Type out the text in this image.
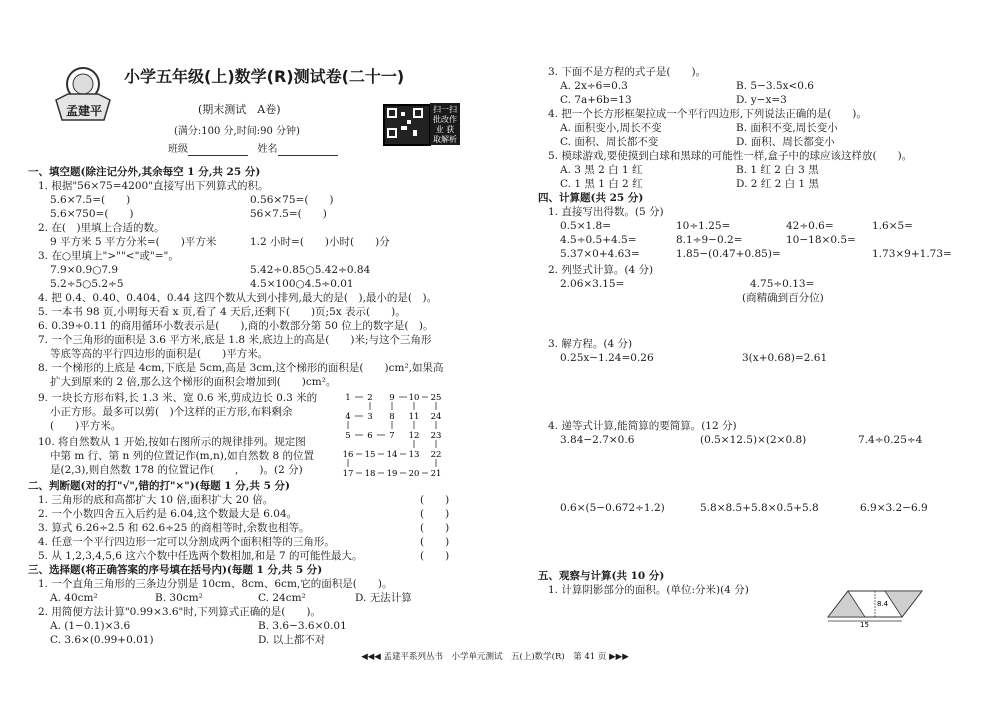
孟建平
小学五年级(上)数学(R)测试卷(二十一)
(期末测试　A卷)
(满分:100 分,时间:90 分钟)
班级	姓名
扫一扫 批改作业 获取解析
一、填空题(除注记分外,其余每空 1 分,共 25 分)
1. 根据"56×75=4200"直接写出下列算式的积。
5.6×7.5=(　　)	0.56×75=(　　)
5.6×750=(　　)	56×7.5=(　　)
2. 在(　)里填上合适的数。
9 平方米 5 平方分米=(　　)平方米	1.2 小时=(　　)小时(　　)分
3. 在○里填上">""<"或"="。
7.9×0.9○7.9	5.42÷0.85○5.42÷0.84
5.2÷5○5.2÷5	4.5×100○4.5÷0.01
4. 把 0.4、0.40、0.404、0.44 这四个数从大到小排列,最大的是(　),最小的是(　)。
5. 一本书 98 页,小明每天看 x 页,看了 4 天后,还剩下(　　)页;5x 表示(　　)。
6. 0.39÷0.11 的商用循环小数表示是(　　),商的小数部分第 50 位上的数字是(　)。
7. 一个三角形的面积是 3.6 平方米,底是 1.8 米,底边上的高是(　　)米;与这个三角形
等底等高的平行四边形的面积是(　　)平方米。
8. 一个梯形的上底是 4cm,下底是 5cm,高是 3cm,这个梯形的面积是(　　)cm²,如果高
扩大到原来的 2 倍,那么这个梯形的面积会增加到(　　)cm²。
9. 一块长方形布料,长 1.3 米、宽 0.6 米,剪成边长 0.3 米的
小正方形。最多可以剪(　)个这样的正方形,布料剩余
(　　)平方米。
10. 将自然数从 1 开始,按如右图所示的规律排列。规定图
中第 m 行、第 n 列的位置记作(m,n),如自然数 8 的位置
是(2,3),则自然数 178 的位置记作(　　,　　)。(2 分)
二、判断题(对的打"√",错的打"×")(每题 1 分,共 5 分)
1. 三角形的底和高都扩大 10 倍,面积扩大 20 倍。
2. 一个小数四舍五入后约是 6.04,这个数最大是 6.04。
3. 算式 6.26÷2.5 和 62.6÷25 的商相等时,余数也相等。
4. 任意一个平行四边形一定可以分割成两个面积相等的三角形。
5. 从 1,2,3,4,5,6 这六个数中任选两个数相加,和是 7 的可能性最大。
(　　)
(　　)
(　　)
(　　)
(　　)
三、选择题(将正确答案的序号填在括号内)(每题 1 分,共 5 分)
1. 一个直角三角形的三条边分别是 10cm、8cm、6cm,它的面积是(　　)。
A. 40cm²	B. 30cm²	C. 24cm²	D. 无法计算
2. 用简便方法计算"0.99×3.6"时,下列算式正确的是(　　)。
A. (1−0.1)×3.6	B. 3.6−3.6×0.01
C. 3.6×(0.99+0.01)	D. 以上都不对
1 2 9 10 25
4 3 8 11 24
5 6 7 12 23
16 15 14 13 22
17 18 19 20 21
3. 下面不是方程的式子是(　　)。
A. 2x÷6=0.3	B. 5−3.5x<0.6
C. 7a+6b=13	D. y−x=3
4. 把一个长方形框架拉成一个平行四边形,下列说法正确的是(　　)。
A. 面积变小,周长不变	B. 面积不变,周长变小
C. 面积、周长都不变	D. 面积、周长都变小
5. 模球游戏,要使摸到白球和黑球的可能性一样,盒子中的球应该这样放(　　)。
A. 3 黑 2 白 1 红	B. 1 红 2 白 3 黑
C. 1 黑 1 白 2 红	D. 2 红 2 白 1 黑
四、计算题(共 25 分)
1. 直接写出得数。(5 分)
0.5×1.8=	10÷1.25=	42÷0.6=	1.6×5=
4.5÷0.5+4.5=	8.1÷9−0.2=	10−18×0.5=
5.37×0+4.63=	1.85−(0.47+0.85)=	1.73×9+1.73=
2. 列竖式计算。(4 分)
2.06×3.15=	4.75÷0.13=
(商精确到百分位)
3. 解方程。(4 分)
0.25x−1.24=0.26	3(x+0.68)=2.61
4. 递等式计算,能简算的要简算。(12 分)
3.84−2.7×0.6	(0.5×12.5)×(2×0.8)	7.4÷0.25÷4
0.6×(5−0.672÷1.2)	5.8×8.5+5.8×0.5+5.8	6.9×3.2−6.9
五、观察与计算(共 10 分)
1. 计算阴影部分的面积。(单位:分米)(4 分)
8.4
15
◀◀◀ 孟建平系列丛书　小学单元测试　五(上)数学(R)　第 41 页 ▶▶▶
